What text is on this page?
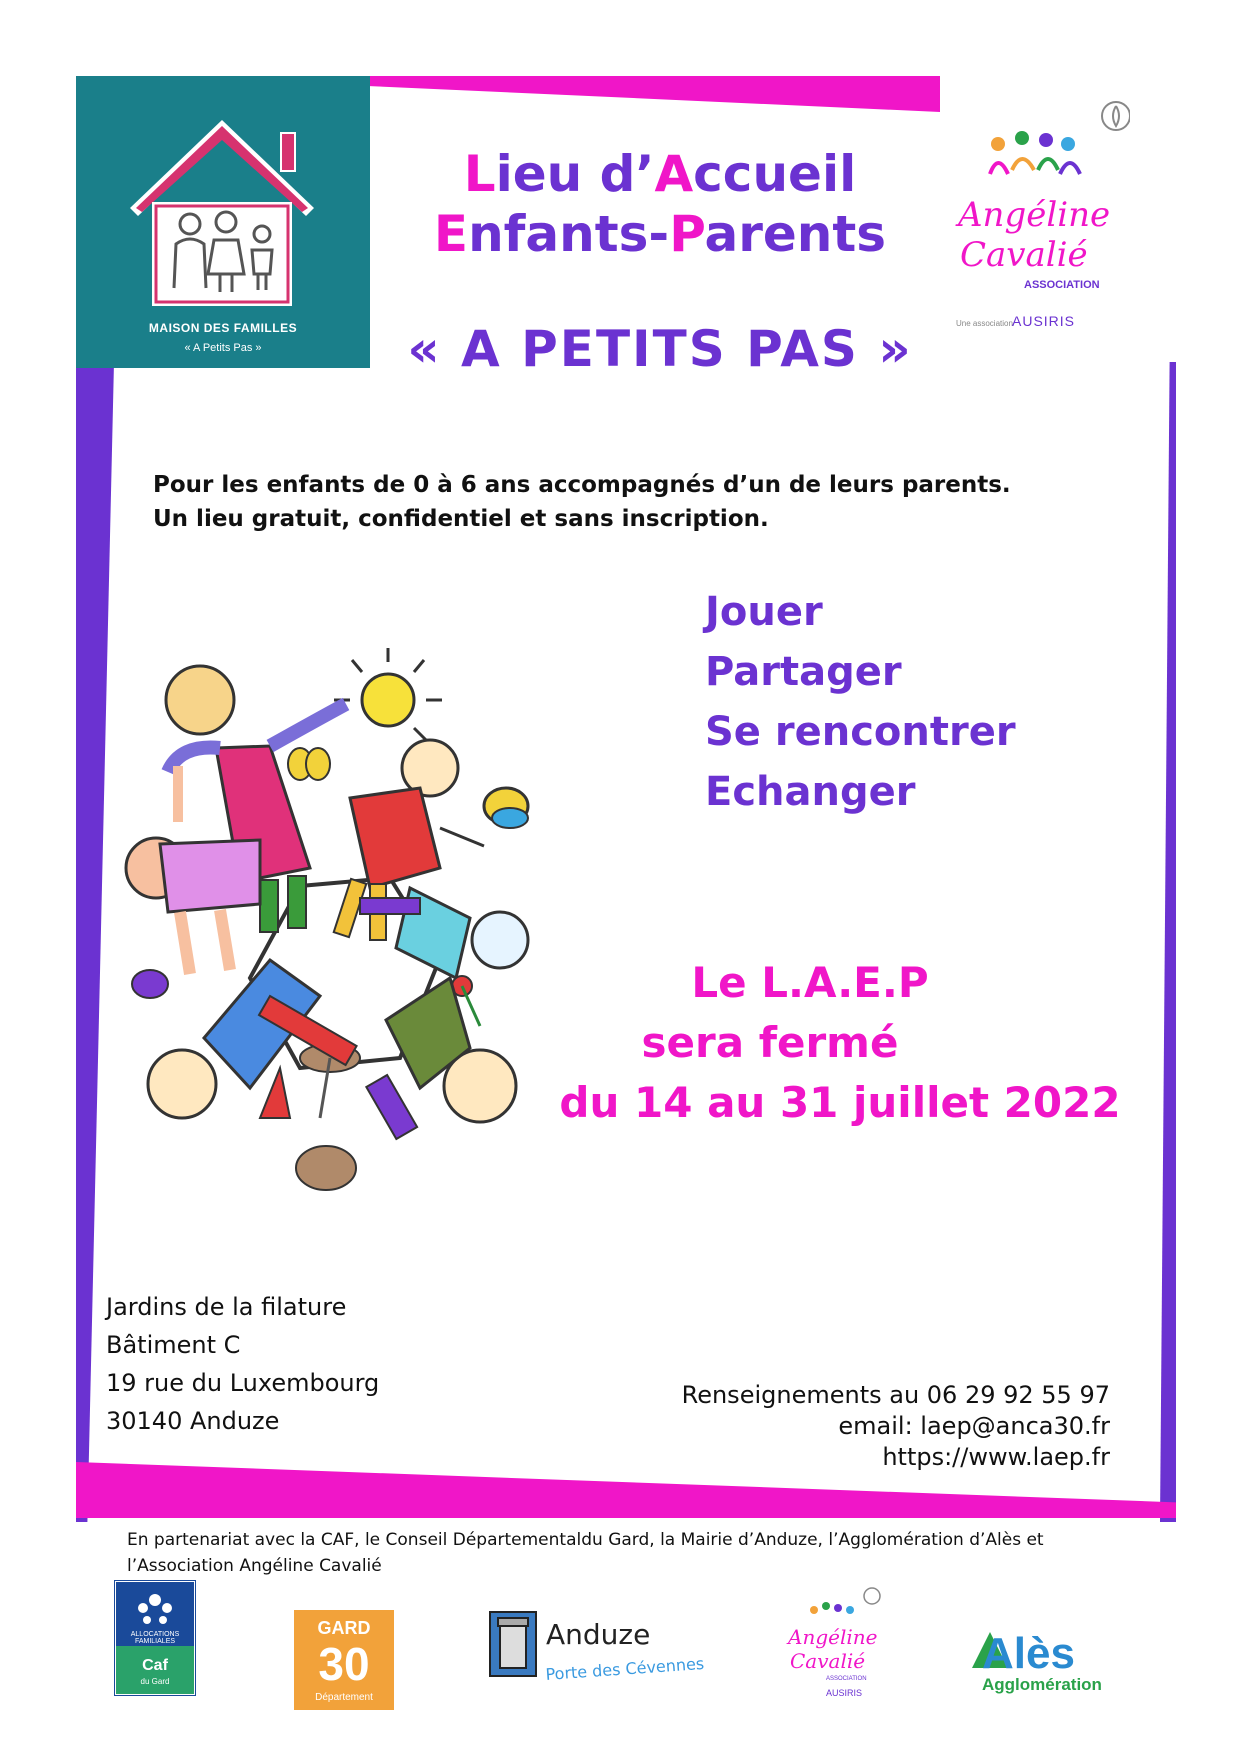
MAISON DES FAMILLES
« A Petits Pas »
Lieu d’Accueil
Enfants-Parents
« A PETITS PAS »
Angéline
Cavalié
ASSOCIATION
Une association AUSIRIS
Pour les enfants de 0 à 6 ans accompagnés d’un de leurs parents.
Un lieu gratuit, confidentiel et sans inscription.
Jouer
Partager
Se rencontrer
Echanger
Le L.A.E.P
sera fermé
du 14 au 31 juillet 2022
Jardins de la filature
Bâtiment C
19 rue du Luxembourg
30140 Anduze
Renseignements au 06 29 92 55 97
email: laep@anca30.fr
https://www.laep.fr
En partenariat avec la CAF, le Conseil Départementaldu Gard, la Mairie d’Anduze, l’Agglomération d’Alès et l’Association Angéline Cavalié
ALLOCATIONS
FAMILIALES
Caf
du Gard
GARD
30
Département
Anduze
Porte des Cévennes
Angéline
Cavalié
ASSOCIATION
AUSIRIS
Alès
Agglomération
